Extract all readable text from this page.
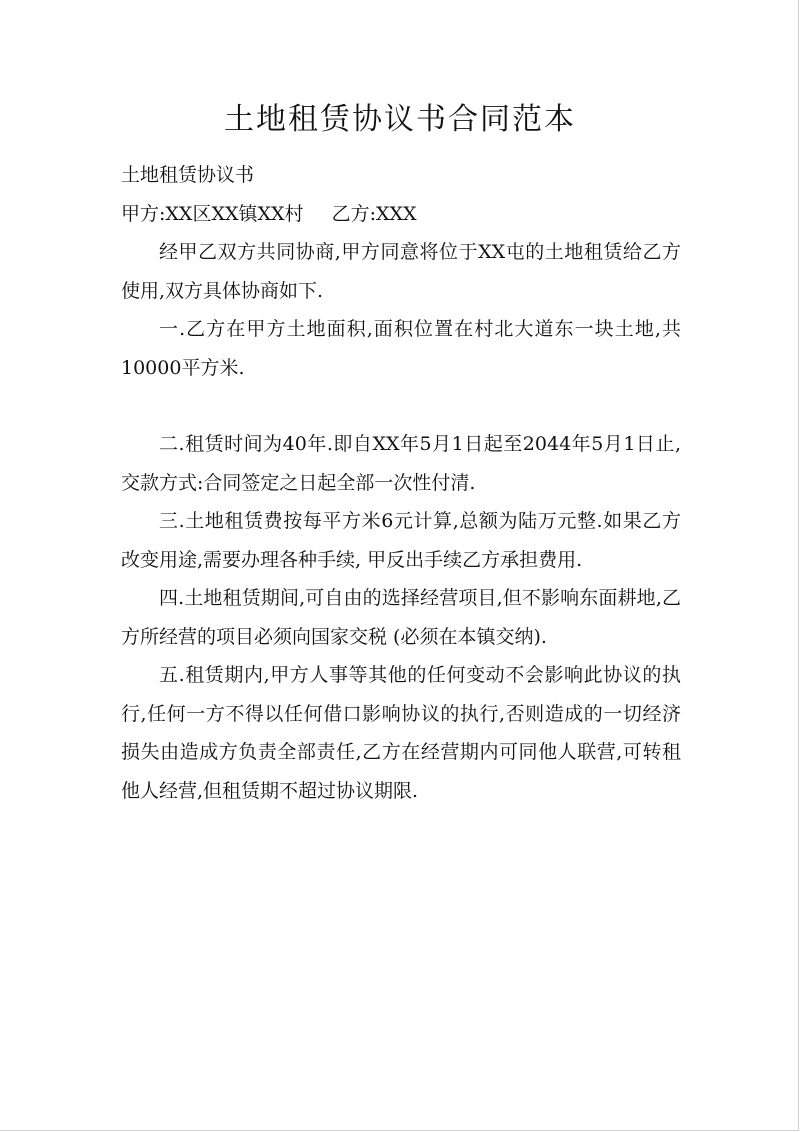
土地租赁协议书合同范本

土地租赁协议书

甲方:XX区XX镇XX村 乙方:XXX

经甲乙双方共同协商,甲方同意将位于XX屯的土地租赁给乙方使用,双方具体协商如下.

一.乙方在甲方土地面积,面积位置在村北大道东一块土地,共10000平方米.

二.租赁时间为40年.即自XX年5月1日起至2044年5月1日止, 交款方式:合同签定之日起全部一次性付清.

三.土地租赁费按每平方米6元计算,总额为陆万元整.如果乙方改变用途,需要办理各种手续, 甲反出手续乙方承担费用.

四.土地租赁期间,可自由的选择经营项目,但不影响东面耕地,乙方所经营的项目必须向国家交税 (必须在本镇交纳).

五.租赁期内,甲方人事等其他的任何变动不会影响此协议的执行,任何一方不得以任何借口影响协议的执行,否则造成的一切经济损失由造成方负责全部责任,乙方在经营期内可同他人联营,可转租他人经营,但租赁期不超过协议期限.
